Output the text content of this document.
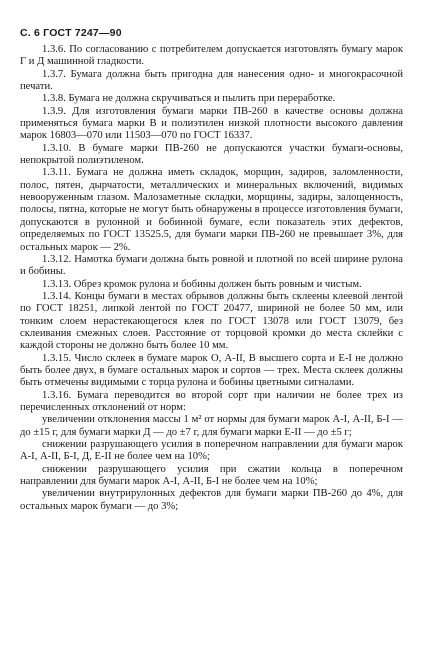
С. 6 ГОСТ 7247—90

1.3.6. По согласованию с потребителем допускается изготовлять бумагу марок Г и Д машинной гладкости.

1.3.7. Бумага должна быть пригодна для нанесения одно- и многокрасочной печати.

1.3.8. Бумага не должна скручиваться и пылить при переработке.

1.3.9. Для изготовления бумаги марки ПВ-260 в качестве основы должна применяться бумага марки В и полиэтилен низкой плотности высокого давления марок 16803—070 или 11503—070 по ГОСТ 16337.

1.3.10. В бумаге марки ПВ-260 не допускаются участки бумаги-основы, непокрытой полиэтиленом.

1.3.11. Бумага не должна иметь складок, морщин, задиров, заломленности, полос, пятен, дырчатости, металлических и минеральных включений, видимых невооруженным глазом. Малозаметные складки, морщины, задиры, залощенность, полосы, пятна, которые не могут быть обнаружены в процессе изготовления бумаги, допускаются в рулонной и бобинной бумаге, если показатель этих дефектов, определяемых по ГОСТ 13525.5, для бумаги марки ПВ-260 не превышает 3%, для остальных марок — 2%.

1.3.12. Намотка бумаги должна быть ровной и плотной по всей ширине рулона и бобины.

1.3.13. Обрез кромок рулона и бобины должен быть ровным и чистым.

1.3.14. Концы бумаги в местах обрывов должны быть склеены клеевой лентой по ГОСТ 18251, липкой лентой по ГОСТ 20477, шириной не более 50 мм, или тонким слоем нерастекающегося клея по ГОСТ 13078 или ГОСТ 13079, без склеивания смежных слоев. Расстояние от торцовой кромки до места склейки с каждой стороны не должно быть более 10 мм.

1.3.15. Число склеек в бумаге марок О, А-II, В высшего сорта и Е-I не должно быть более двух, в бумаге остальных марок и сортов — трех. Места склеек должны быть отмечены видимыми с торца рулона и бобины цветными сигналами.

1.3.16. Бумага переводится во второй сорт при наличии не более трех из перечисленных отклонений от норм:

увеличении отклонения массы 1 м² от нормы для бумаги марок А-I, А-II, Б-I — до ±15 г, для бумаги марки Д — до ±7 г, для бумаги марки Е-II — до ±5 г;

снижении разрушающего усилия в поперечном направлении для бумаги марок А-I, А-II, Б-I, Д, Е-II не более чем на 10%;

снижении разрушающего усилия при сжатии кольца в поперечном направлении для бумаги марок А-I, А-II, Б-I не более чем на 10%;

увеличении внутрирулонных дефектов для бумаги марки ПВ-260 до 4%, для остальных марок бумаги — до 3%;
